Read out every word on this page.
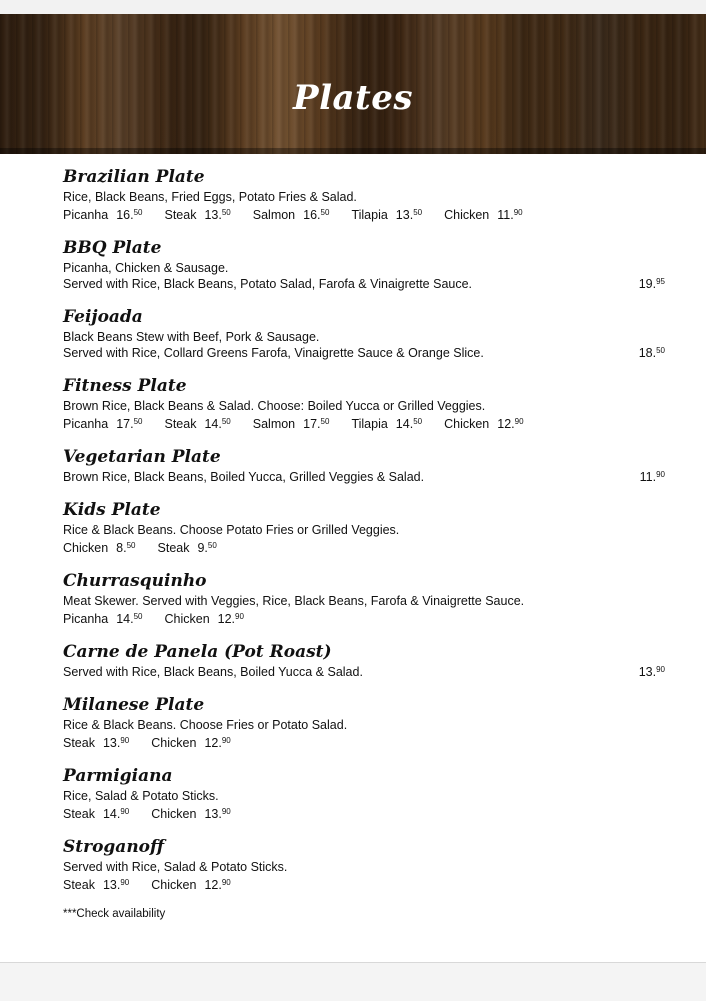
Plates
Brazilian Plate
Rice, Black Beans, Fried Eggs, Potato Fries & Salad.
Picanha 16.50 Steak 13.50 Salmon 16.50 Tilapia 13.50 Chicken 11.90
BBQ Plate
Picanha, Chicken & Sausage.
Served with Rice, Black Beans, Potato Salad, Farofa & Vinaigrette Sauce.	19.95
Feijoada
Black Beans Stew with Beef, Pork & Sausage.
Served with Rice, Collard Greens Farofa, Vinaigrette Sauce & Orange Slice.	18.50
Fitness Plate
Brown Rice, Black Beans & Salad. Choose: Boiled Yucca or Grilled Veggies.
Picanha 17.50 Steak 14.50 Salmon 17.50 Tilapia 14.50 Chicken 12.90
Vegetarian Plate
Brown Rice, Black Beans, Boiled Yucca, Grilled Veggies & Salad.	11.90
Kids Plate
Rice & Black Beans. Choose Potato Fries or Grilled Veggies.
Chicken 8.50 Steak 9.50
Churrasquinho
Meat Skewer. Served with Veggies, Rice, Black Beans, Farofa & Vinaigrette Sauce.
Picanha 14.50 Chicken 12.90
Carne de Panela (Pot Roast)
Served with Rice, Black Beans, Boiled Yucca & Salad.	13.90
Milanese Plate
Rice & Black Beans. Choose Fries or Potato Salad.
Steak 13.90 Chicken 12.90
Parmigiana
Rice, Salad & Potato Sticks.
Steak 14.90 Chicken 13.90
Stroganoff
Served with Rice, Salad & Potato Sticks.
Steak 13.90 Chicken 12.90
***Check availability
